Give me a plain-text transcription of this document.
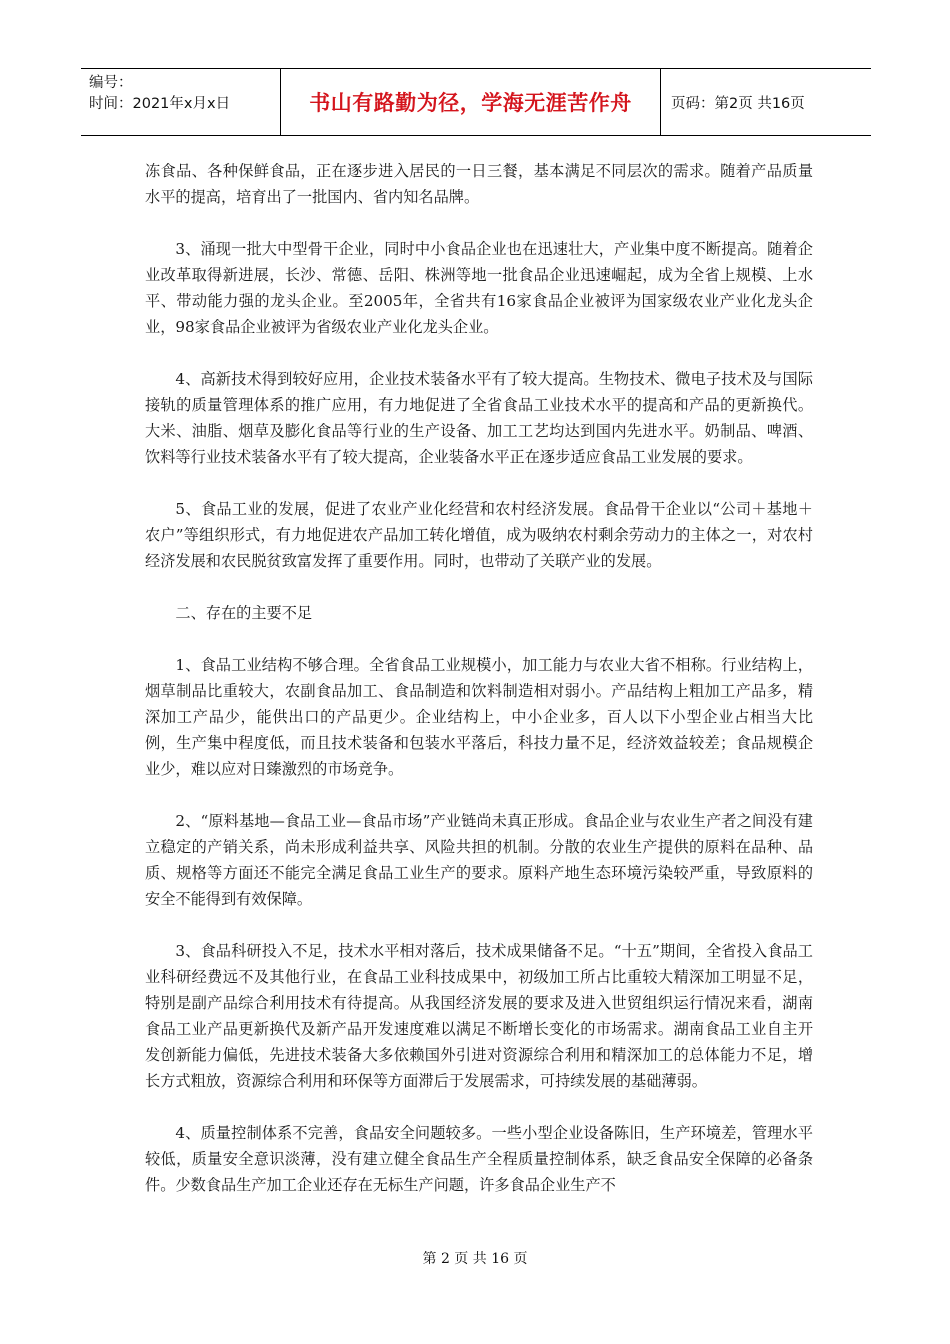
编号：
时间：2021年x月x日	书山有路勤为径，学海无涯苦作舟	页码：第2页 共16页

冻食品、各种保鲜食品，正在逐步进入居民的一日三餐，基本满足不同层次的需求。随着产品质量水平的提高，培育出了一批国内、省内知名品牌。

3、涌现一批大中型骨干企业，同时中小食品企业也在迅速壮大，产业集中度不断提高。随着企业改革取得新进展，长沙、常德、岳阳、株洲等地一批食品企业迅速崛起，成为全省上规模、上水平、带动能力强的龙头企业。至2005年，全省共有16家食品企业被评为国家级农业产业化龙头企业，98家食品企业被评为省级农业产业化龙头企业。

4、高新技术得到较好应用，企业技术装备水平有了较大提高。生物技术、微电子技术及与国际接轨的质量管理体系的推广应用，有力地促进了全省食品工业技术水平的提高和产品的更新换代。大米、油脂、烟草及膨化食品等行业的生产设备、加工工艺均达到国内先进水平。奶制品、啤酒、饮料等行业技术装备水平有了较大提高，企业装备水平正在逐步适应食品工业发展的要求。

5、食品工业的发展，促进了农业产业化经营和农村经济发展。食品骨干企业以“公司＋基地＋农户”等组织形式，有力地促进农产品加工转化增值，成为吸纳农村剩余劳动力的主体之一，对农村经济发展和农民脱贫致富发挥了重要作用。同时，也带动了关联产业的发展。

二、存在的主要不足

1、食品工业结构不够合理。全省食品工业规模小，加工能力与农业大省不相称。行业结构上，烟草制品比重较大，农副食品加工、食品制造和饮料制造相对弱小。产品结构上粗加工产品多，精深加工产品少，能供出口的产品更少。企业结构上，中小企业多，百人以下小型企业占相当大比例，生产集中程度低，而且技术装备和包装水平落后，科技力量不足，经济效益较差；食品规模企业少，难以应对日臻激烈的市场竞争。

2、“原料基地—食品工业—食品市场”产业链尚未真正形成。食品企业与农业生产者之间没有建立稳定的产销关系，尚未形成利益共享、风险共担的机制。分散的农业生产提供的原料在品种、品质、规格等方面还不能完全满足食品工业生产的要求。原料产地生态环境污染较严重，导致原料的安全不能得到有效保障。

3、食品科研投入不足，技术水平相对落后，技术成果储备不足。“十五”期间，全省投入食品工业科研经费远不及其他行业，在食品工业科技成果中，初级加工所占比重较大精深加工明显不足，特别是副产品综合利用技术有待提高。从我国经济发展的要求及进入世贸组织运行情况来看，湖南食品工业产品更新换代及新产品开发速度难以满足不断增长变化的市场需求。湖南食品工业自主开发创新能力偏低，先进技术装备大多依赖国外引进对资源综合利用和精深加工的总体能力不足，增长方式粗放，资源综合利用和环保等方面滞后于发展需求，可持续发展的基础薄弱。

4、质量控制体系不完善，食品安全问题较多。一些小型企业设备陈旧，生产环境差，管理水平较低，质量安全意识淡薄，没有建立健全食品生产全程质量控制体系，缺乏食品安全保障的必备条件。少数食品生产加工企业还存在无标生产问题，许多食品企业生产不

第 2 页 共 16 页
